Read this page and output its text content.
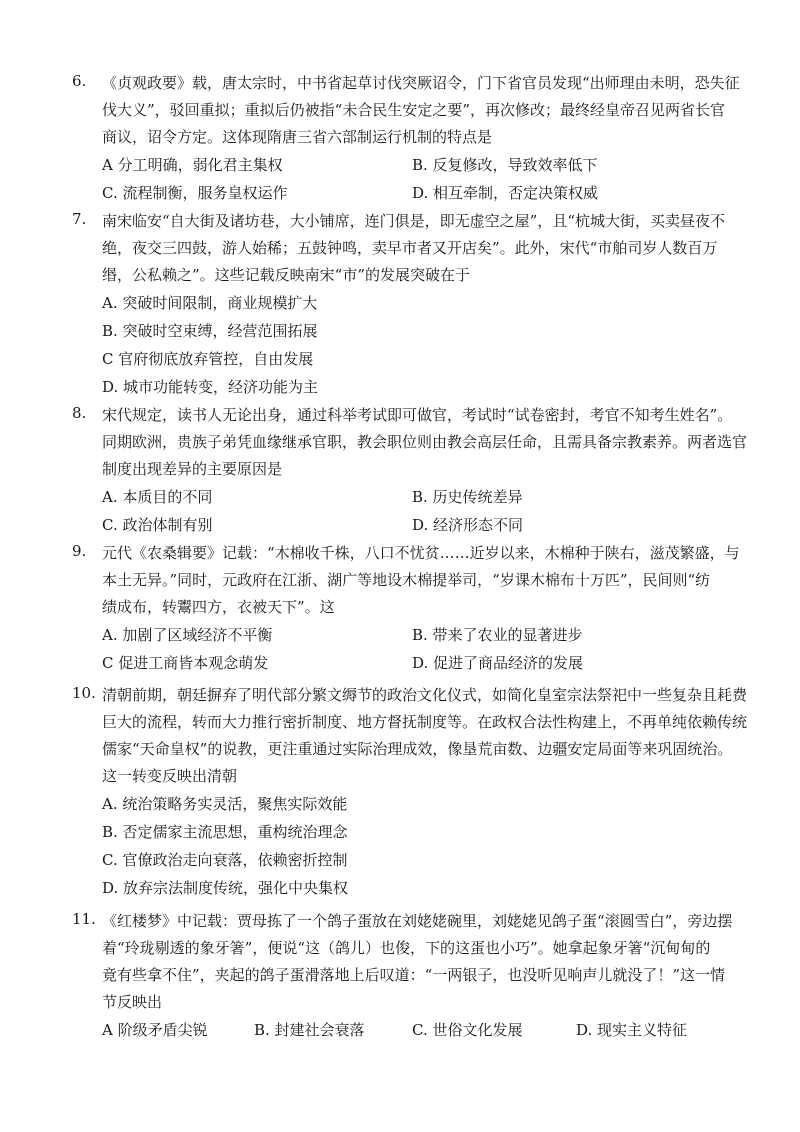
6.	《贞观政要》载，唐太宗时，中书省起草讨伐突厥诏令，门下省官员发现“出师理由未明，恐失征
伐大义”，驳回重拟；重拟后仍被指“未合民生安定之要”，再次修改；最终经皇帝召见两省长官
商议，诏令方定。这体现隋唐三省六部制运行机制的特点是
A 分工明确，弱化君主集权	B. 反复修改，导致效率低下
C. 流程制衡，服务皇权运作	D. 相互牵制，否定决策权威
7.	南宋临安“自大街及诸坊巷，大小铺席，连门俱是，即无虚空之屋”，且“杭城大街，买卖昼夜不
绝，夜交三四鼓，游人始稀；五鼓钟鸣，卖早市者又开店矣”。此外，宋代“市舶司岁人数百万
缗，公私赖之”。这些记载反映南宋“市”的发展突破在于
A. 突破时间限制，商业规模扩大
B. 突破时空束缚，经营范围拓展
C 官府彻底放弃管控，自由发展
D. 城市功能转变，经济功能为主
8.	宋代规定，读书人无论出身，通过科举考试即可做官，考试时“试卷密封，考官不知考生姓名”。
同期欧洲，贵族子弟凭血缘继承官职，教会职位则由教会高层任命，且需具备宗教素养。两者选官
制度出现差异的主要原因是
A. 本质目的不同	B. 历史传统差异
C. 政治体制有别	D. 经济形态不同
9.	元代《农桑辑要》记载：“木棉收千株，八口不忧贫……近岁以来，木棉种于陕右，滋茂繁盛，与
本土无异。”同时，元政府在江浙、湖广等地设木棉提举司，“岁课木棉布十万匹”，民间则“纺
绩成布，转鬻四方，衣被天下”。这
A. 加剧了区域经济不平衡	B. 带来了农业的显著进步
C 促进工商皆本观念萌发	D. 促进了商品经济的发展
10. 清朝前期，朝廷摒弃了明代部分繁文缛节的政治文化仪式，如简化皇室宗法祭祀中一些复杂且耗费
巨大的流程，转而大力推行密折制度、地方督抚制度等。在政权合法性构建上，不再单纯依赖传统
儒家“天命皇权”的说教，更注重通过实际治理成效，像垦荒亩数、边疆安定局面等来巩固统治。
这一转变反映出清朝
A. 统治策略务实灵活，聚焦实际效能
B. 否定儒家主流思想，重构统治理念
C. 官僚政治走向衰落，依赖密折控制
D. 放弃宗法制度传统，强化中央集权
11. 《红楼梦》中记载：贾母拣了一个鸽子蛋放在刘姥姥碗里，刘姥姥见鸽子蛋“滚圆雪白”，旁边摆
着“玲珑剔透的象牙箸”，便说“这（鸽儿）也俊，下的这蛋也小巧”。她拿起象牙箸“沉甸甸的
竟有些拿不住”，夹起的鸽子蛋滑落地上后叹道：“一两银子，也没听见响声儿就没了！”这一情
节反映出
A 阶级矛盾尖锐	B. 封建社会衰落	C. 世俗文化发展	D. 现实主义特征
